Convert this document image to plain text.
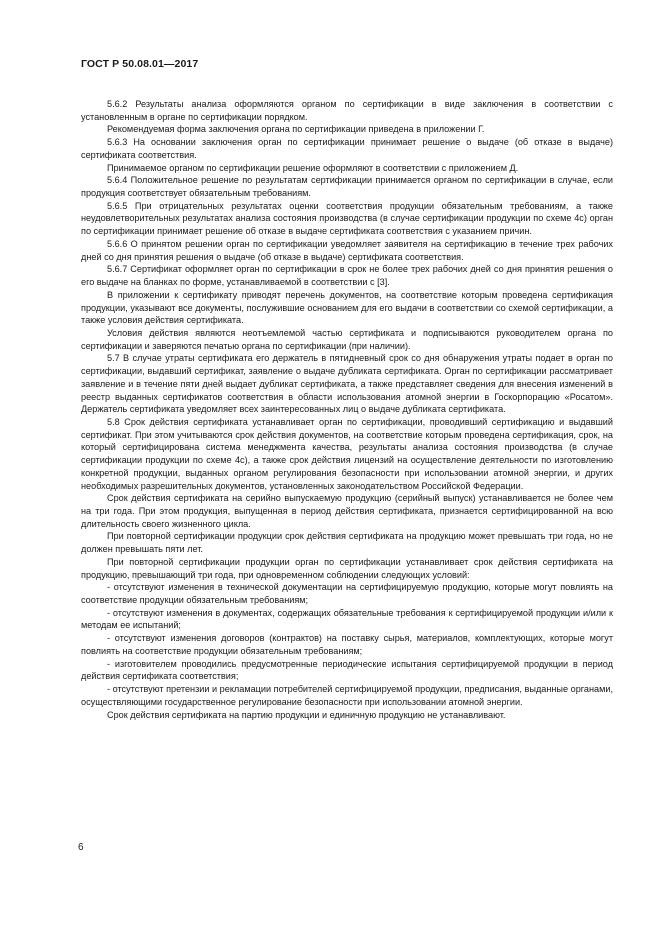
ГОСТ Р 50.08.01—2017

5.6.2 Результаты анализа оформляются органом по сертификации в виде заключения в соответствии с установленным в органе по сертификации порядком.

Рекомендуемая форма заключения органа по сертификации приведена в приложении Г.

5.6.3 На основании заключения орган по сертификации принимает решение о выдаче (об отказе в выдаче) сертификата соответствия.

Принимаемое органом по сертификации решение оформляют в соответствии с приложением Д.

5.6.4 Положительное решение по результатам сертификации принимается органом по сертификации в случае, если продукция соответствует обязательным требованиям.

5.6.5 При отрицательных результатах оценки соответствия продукции обязательным требованиям, а также неудовлетворительных результатах анализа состояния производства (в случае сертификации продукции по схеме 4с) орган по сертификации принимает решение об отказе в выдаче сертификата соответствия с указанием причин.

5.6.6 О принятом решении орган по сертификации уведомляет заявителя на сертификацию в течение трех рабочих дней со дня принятия решения о выдаче (об отказе в выдаче) сертификата соответствия.

5.6.7 Сертификат оформляет орган по сертификации в срок не более трех рабочих дней со дня принятия решения о его выдаче на бланках по форме, устанавливаемой в соответствии с [3].

В приложении к сертификату приводят перечень документов, на соответствие которым проведена сертификация продукции, указывают все документы, послужившие основанием для его выдачи в соответствии со схемой сертификации, а также условия действия сертификата.

Условия действия являются неотъемлемой частью сертификата и подписываются руководителем органа по сертификации и заверяются печатью органа по сертификации (при наличии).

5.7 В случае утраты сертификата его держатель в пятидневный срок со дня обнаружения утраты подает в орган по сертификации, выдавший сертификат, заявление о выдаче дубликата сертификата. Орган по сертификации рассматривает заявление и в течение пяти дней выдает дубликат сертификата, а также представляет сведения для внесения изменений в реестр выданных сертификатов соответствия в области использования атомной энергии в Госкорпорацию «Росатом». Держатель сертификата уведомляет всех заинтересованных лиц о выдаче дубликата сертификата.

5.8 Срок действия сертификата устанавливает орган по сертификации, проводивший сертификацию и выдавший сертификат. При этом учитываются срок действия документов, на соответствие которым проведена сертификация, срок, на который сертифицирована система менеджмента качества, результаты анализа состояния производства (в случае сертификации продукции по схеме 4с), а также срок действия лицензий на осуществление деятельности по изготовлению конкретной продукции, выданных органом регулирования безопасности при использовании атомной энергии, и других необходимых разрешительных документов, установленных законодательством Российской Федерации.

Срок действия сертификата на серийно выпускаемую продукцию (серийный выпуск) устанавливается не более чем на три года. При этом продукция, выпущенная в период действия сертификата, признается сертифицированной на всю длительность своего жизненного цикла.

При повторной сертификации продукции срок действия сертификата на продукцию может превышать три года, но не должен превышать пяти лет.

При повторной сертификации продукции орган по сертификации устанавливает срок действия сертификата на продукцию, превышающий три года, при одновременном соблюдении следующих условий:

- отсутствуют изменения в технической документации на сертифицируемую продукцию, которые могут повлиять на соответствие продукции обязательным требованиям;

- отсутствуют изменения в документах, содержащих обязательные требования к сертифицируемой продукции и/или к методам ее испытаний;

- отсутствуют изменения договоров (контрактов) на поставку сырья, материалов, комплектующих, которые могут повлиять на соответствие продукции обязательным требованиям;

- изготовителем проводились предусмотренные периодические испытания сертифицируемой продукции в период действия сертификата соответствия;

- отсутствуют претензии и рекламации потребителей сертифицируемой продукции, предписания, выданные органами, осуществляющими государственное регулирование безопасности при использовании атомной энергии.

Срок действия сертификата на партию продукции и единичную продукцию не устанавливают.

6
